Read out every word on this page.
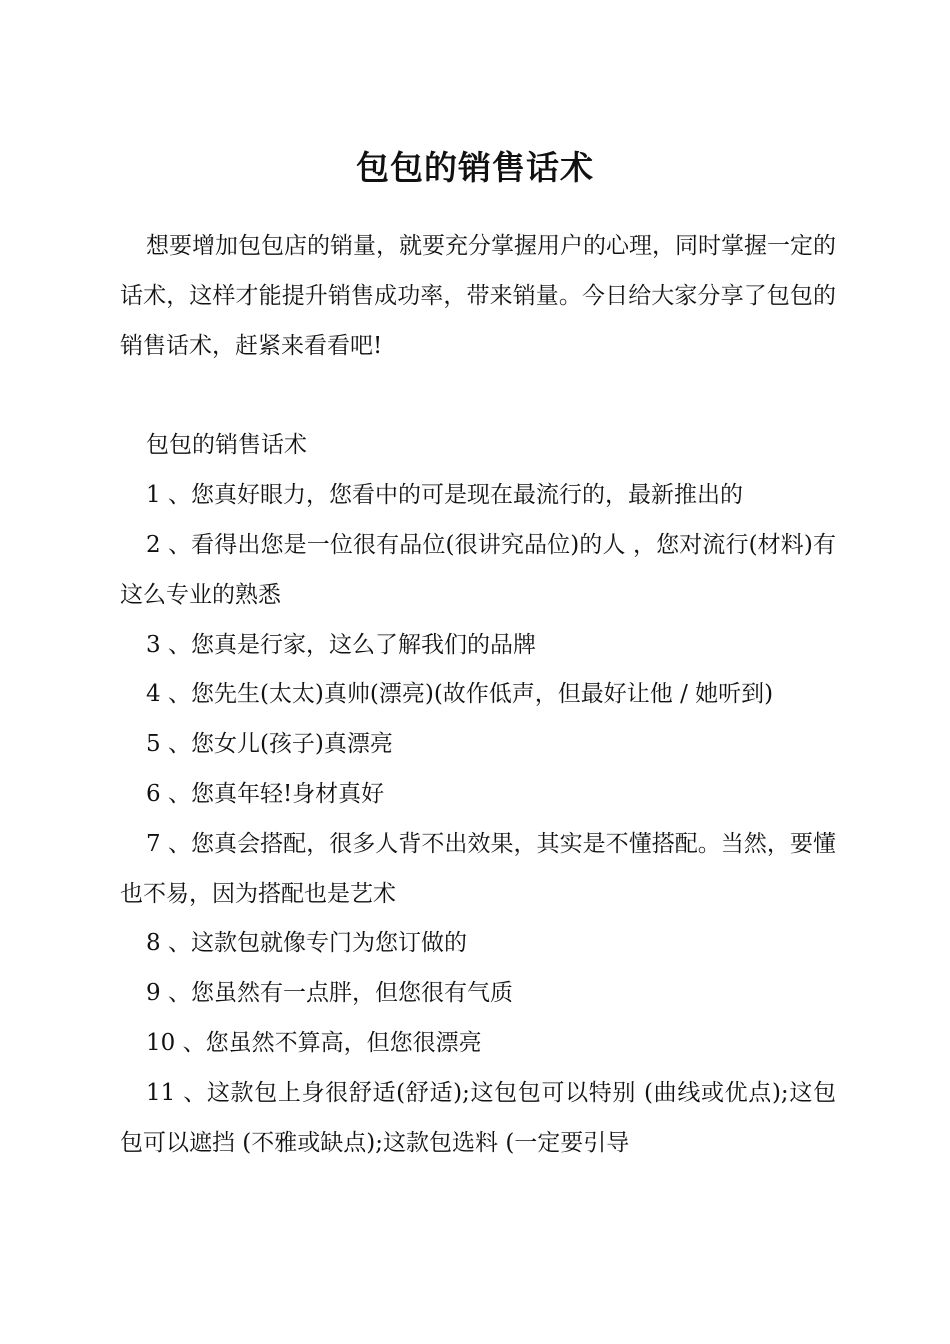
包包的销售话术

想要增加包包店的销量，就要充分掌握用户的心理，同时掌握一定的话术，这样才能提升销售成功率，带来销量。今日给大家分享了包包的销售话术，赶紧来看看吧!

包包的销售话术

1 、您真好眼力，您看中的可是现在最流行的，最新推出的

2 、看得出您是一位很有品位(很讲究品位)的人 ，您对流行(材料)有这么专业的熟悉

3 、您真是行家，这么了解我们的品牌

4 、您先生(太太)真帅(漂亮)(故作低声，但最好让他 / 她听到)

5 、您女儿(孩子)真漂亮

6 、您真年轻!身材真好

7 、您真会搭配，很多人背不出效果，其实是不懂搭配。当然，要懂也不易，因为搭配也是艺术

8 、这款包就像专门为您订做的

9 、您虽然有一点胖，但您很有气质

10 、您虽然不算高，但您很漂亮

11 、这款包上身很舒适(舒适);这包包可以特别 (曲线或优点);这包包可以遮挡 (不雅或缺点);这款包选料 (一定要引导
